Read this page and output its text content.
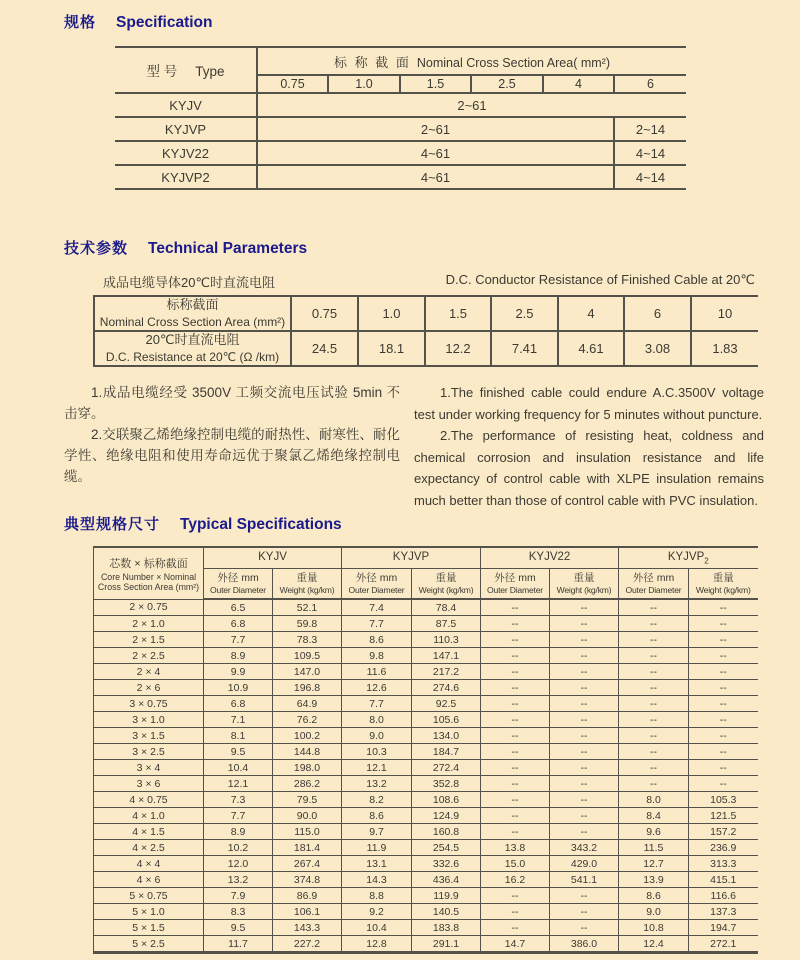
规格 Specification
型 号 Type	标 称 截 面 Nominal Cross Section Area( mm²)					
	0.75	1.0	1.5	2.5	4	6
KYJV	2~61					
KYJVP	2~61					2~14
KYJV22	4~61					4~14
KYJVP2	4~61					4~14
技术参数 Technical Parameters
成品电缆导体20℃时直流电阻	D.C. Conductor Resistance of Finished Cable at 20℃
标称截面
Nominal Cross Section Area (mm²)	0.75	1.0	1.5	2.5	4	6	10
20℃时直流电阻
D.C. Resistance at 20℃ (Ω /km)	24.5	18.1	12.2	7.41	4.61	3.08	1.83

1.成品电缆经受 3500V 工频交流电压试验 5min 不击穿。

2.交联聚乙烯绝缘控制电缆的耐热性、耐寒性、耐化学性、绝缘电阻和使用寿命远优于聚氯乙烯绝缘控制电缆。

1.The finished cable could endure A.C.3500V voltage test under working frequency for 5 minutes without puncture.

2.The performance of resisting heat, coldness and chemical corrosion and insulation resistance and life expectancy of control cable with XLPE insulation remains much better than those of control cable with PVC insulation.

典型规格尺寸 Typical Specifications
芯数 × 标称截面
Core Number × Nominal
Cross Section Area (mm²)	KYJV		KYJVP		KYJV22		$KYJVP_2$

	外径 mm
Outer Diameter	重量
Weight (kg/km)	外径 mm
Outer Diameter	重量
Weight (kg/km)	外径 mm
Outer Diameter	重量
Weight (kg/km)	外径 mm
Outer Diameter	重量
Weight (kg/km)

2 × 0.75	6.5	52.1	7.4	78.4	--	--	--	--
2 × 1.0	6.8	59.8	7.7	87.5	--	--	--	--
2 × 1.5	7.7	78.3	8.6	110.3	--	--	--	--
2 × 2.5	8.9	109.5	9.8	147.1	--	--	--	--
2 × 4	9.9	147.0	11.6	217.2	--	--	--	--
2 × 6	10.9	196.8	12.6	274.6	--	--	--	--
3 × 0.75	6.8	64.9	7.7	92.5	--	--	--	--
3 × 1.0	7.1	76.2	8.0	105.6	--	--	--	--
3 × 1.5	8.1	100.2	9.0	134.0	--	--	--	--
3 × 2.5	9.5	144.8	10.3	184.7	--	--	--	--
3 × 4	10.4	198.0	12.1	272.4	--	--	--	--
3 × 6	12.1	286.2	13.2	352.8	--	--	--	--
4 × 0.75	7.3	79.5	8.2	108.6	--	--	8.0	105.3
4 × 1.0	7.7	90.0	8.6	124.9	--	--	8.4	121.5
4 × 1.5	8.9	115.0	9.7	160.8	--	--	9.6	157.2
4 × 2.5	10.2	181.4	11.9	254.5	13.8	343.2	11.5	236.9
4 × 4	12.0	267.4	13.1	332.6	15.0	429.0	12.7	313.3
4 × 6	13.2	374.8	14.3	436.4	16.2	541.1	13.9	415.1
5 × 0.75	7.9	86.9	8.8	119.9	--	--	8.6	116.6
5 × 1.0	8.3	106.1	9.2	140.5	--	--	9.0	137.3
5 × 1.5	9.5	143.3	10.4	183.8	--	--	10.8	194.7
5 × 2.5	11.7	227.2	12.8	291.1	14.7	386.0	12.4	272.1
